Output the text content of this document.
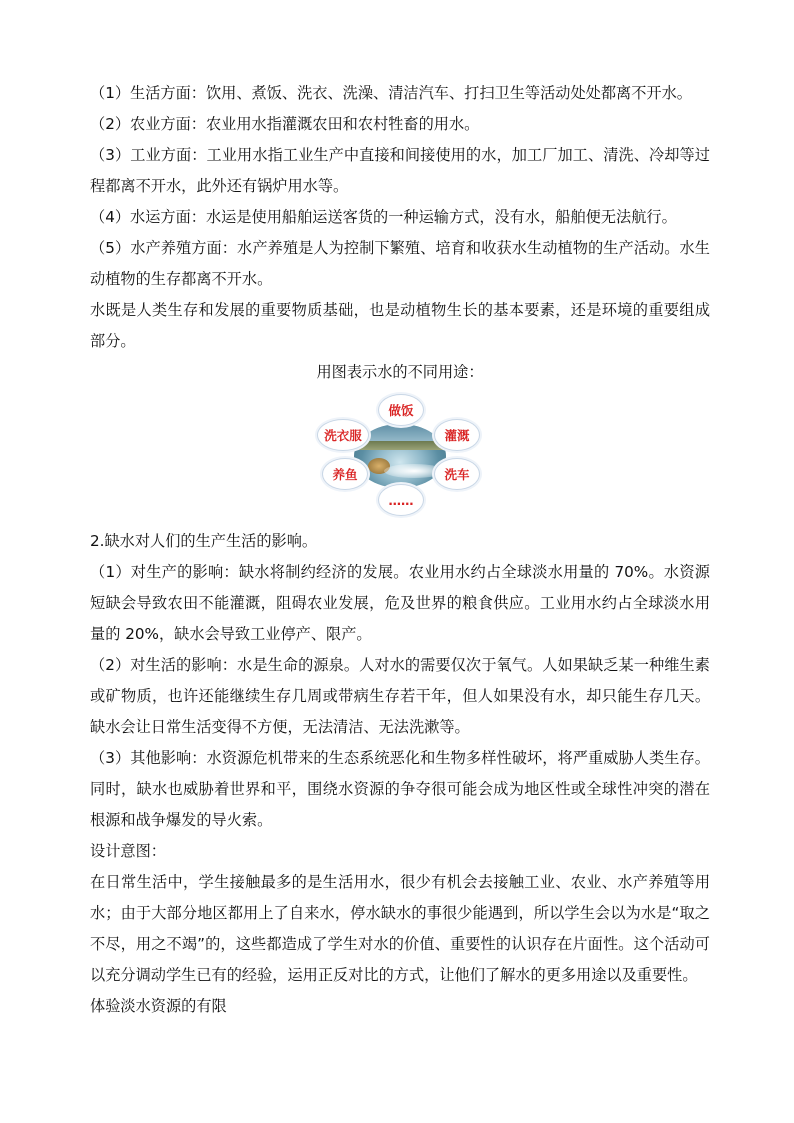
（1）生活方面：饮用、煮饭、洗衣、洗澡、清洁汽车、打扫卫生等活动处处都离不开水。

（2）农业方面：农业用水指灌溉农田和农村牲畜的用水。

（3）工业方面：工业用水指工业生产中直接和间接使用的水，加工厂加工、清洗、冷却等过程都离不开水，此外还有锅炉用水等。

（4）水运方面：水运是使用船舶运送客货的一种运输方式，没有水，船舶便无法航行。

（5）水产养殖方面：水产养殖是人为控制下繁殖、培育和收获水生动植物的生产活动。水生动植物的生存都离不开水。

水既是人类生存和发展的重要物质基础，也是动植物生长的基本要素，还是环境的重要组成部分。

用图表示水的不同用途：

做饭
洗衣服	灌溉
养鱼	洗车
……

2.缺水对人们的生产生活的影响。

（1）对生产的影响：缺水将制约经济的发展。农业用水约占全球淡水用量的 70%。水资源短缺会导致农田不能灌溉，阻碍农业发展，危及世界的粮食供应。工业用水约占全球淡水用量的 20%，缺水会导致工业停产、限产。

（2）对生活的影响：水是生命的源泉。人对水的需要仅次于氧气。人如果缺乏某一种维生素或矿物质，也许还能继续生存几周或带病生存若干年，但人如果没有水，却只能生存几天。缺水会让日常生活变得不方便，无法清洁、无法洗漱等。

（3）其他影响：水资源危机带来的生态系统恶化和生物多样性破坏，将严重威胁人类生存。同时，缺水也威胁着世界和平，围绕水资源的争夺很可能会成为地区性或全球性冲突的潜在根源和战争爆发的导火索。

设计意图：

在日常生活中，学生接触最多的是生活用水，很少有机会去接触工业、农业、水产养殖等用水；由于大部分地区都用上了自来水，停水缺水的事很少能遇到，所以学生会以为水是“取之不尽，用之不竭”的，这些都造成了学生对水的价值、重要性的认识存在片面性。这个活动可以充分调动学生已有的经验，运用正反对比的方式，让他们了解水的更多用途以及重要性。

体验淡水资源的有限
